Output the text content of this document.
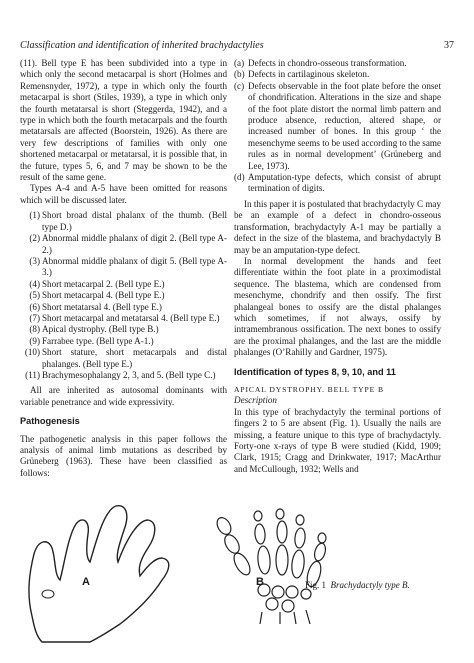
Classification and identification of inherited brachydactylies	37

(11). Bell type E has been subdivided into a type in which only the second metacarpal is short (Holmes and Remensnyder, 1972), a type in which only the fourth metacarpal is short (Stiles, 1939), a type in which only the fourth metatarsal is short (Steggerda, 1942), and a type in which both the fourth metacarpals and the fourth metatarsals are affected (Boorstein, 1926). As there are very few descriptions of families with only one shortened metacarpal or metatarsal, it is possible that, in the future, types 5, 6, and 7 may be shown to be the result of the same gene.

Types A-4 and A-5 have been omitted for reasons which will be discussed later.

(1) Short broad distal phalanx of the thumb. (Bell type D.)
(2) Abnormal middle phalanx of digit 2. (Bell type A-2.)
(3) Abnormal middle phalanx of digit 5. (Bell type A-3.)
(4) Short metacarpal 2. (Bell type E.)
(5) Short metacarpal 4. (Bell type E.)
(6) Short metatarsal 4. (Bell type E.)
(7) Short metacarpal and metatarsal 4. (Bell type E.)
(8) Apical dystrophy. (Bell type B.)
(9) Farrabee type. (Bell type A-1.)
(10) Short stature, short metacarpals and distal phalanges. (Bell type E.)
(11) Brachymesophalangy 2, 3, and 5. (Bell type C.)

All are inherited as autosomal dominants with variable penetrance and wide expressivity.

Pathogenesis

The pathogenetic analysis in this paper follows the analysis of animal limb mutations as described by Grüneberg (1963). These have been classified as follows:

(a) Defects in chondro-osseous transformation.
(b) Defects in cartilaginous skeleton.
(c) Defects observable in the foot plate before the onset of chondrification. Alterations in the size and shape of the foot plate distort the normal limb pattern and produce absence, reduction, altered shape, or increased number of bones. In this group ‘ the mesenchyme seems to be used according to the same rules as in normal development’ (Grüneberg and Lee, 1973).
(d) Amputation-type defects, which consist of abrupt termination of digits.

In this paper it is postulated that brachydactyly C may be an example of a defect in chondro-osseous transformation, brachydactyly A-1 may be partially a defect in the size of the blastema, and brachydactyly B may be an amputation-type defect.

In normal development the hands and feet differentiate within the foot plate in a proximodistal sequence. The blastema, which are condensed from mesenchyme, chondrify and then ossify. The first phalangeal bones to ossify are the distal phalanges which sometimes, if not always, ossify by intramembranous ossification. The next bones to ossify are the proximal phalanges, and the last are the middle phalanges (O’Rahilly and Gardner, 1975).

Identification of types 8, 9, 10, and 11

APICAL DYSTROPHY. BELL TYPE B

Description

In this type of brachydactyly the terminal portions of fingers 2 to 5 are absent (Fig. 1). Usually the nails are missing, a feature unique to this type of brachydactyly. Forty-one x-rays of type B were studied (Kidd, 1909; Clark, 1915; Cragg and Drinkwater, 1917; MacArthur and McCullough, 1932; Wells and

A	B	Fig. 1 Brachydactyly type B.
